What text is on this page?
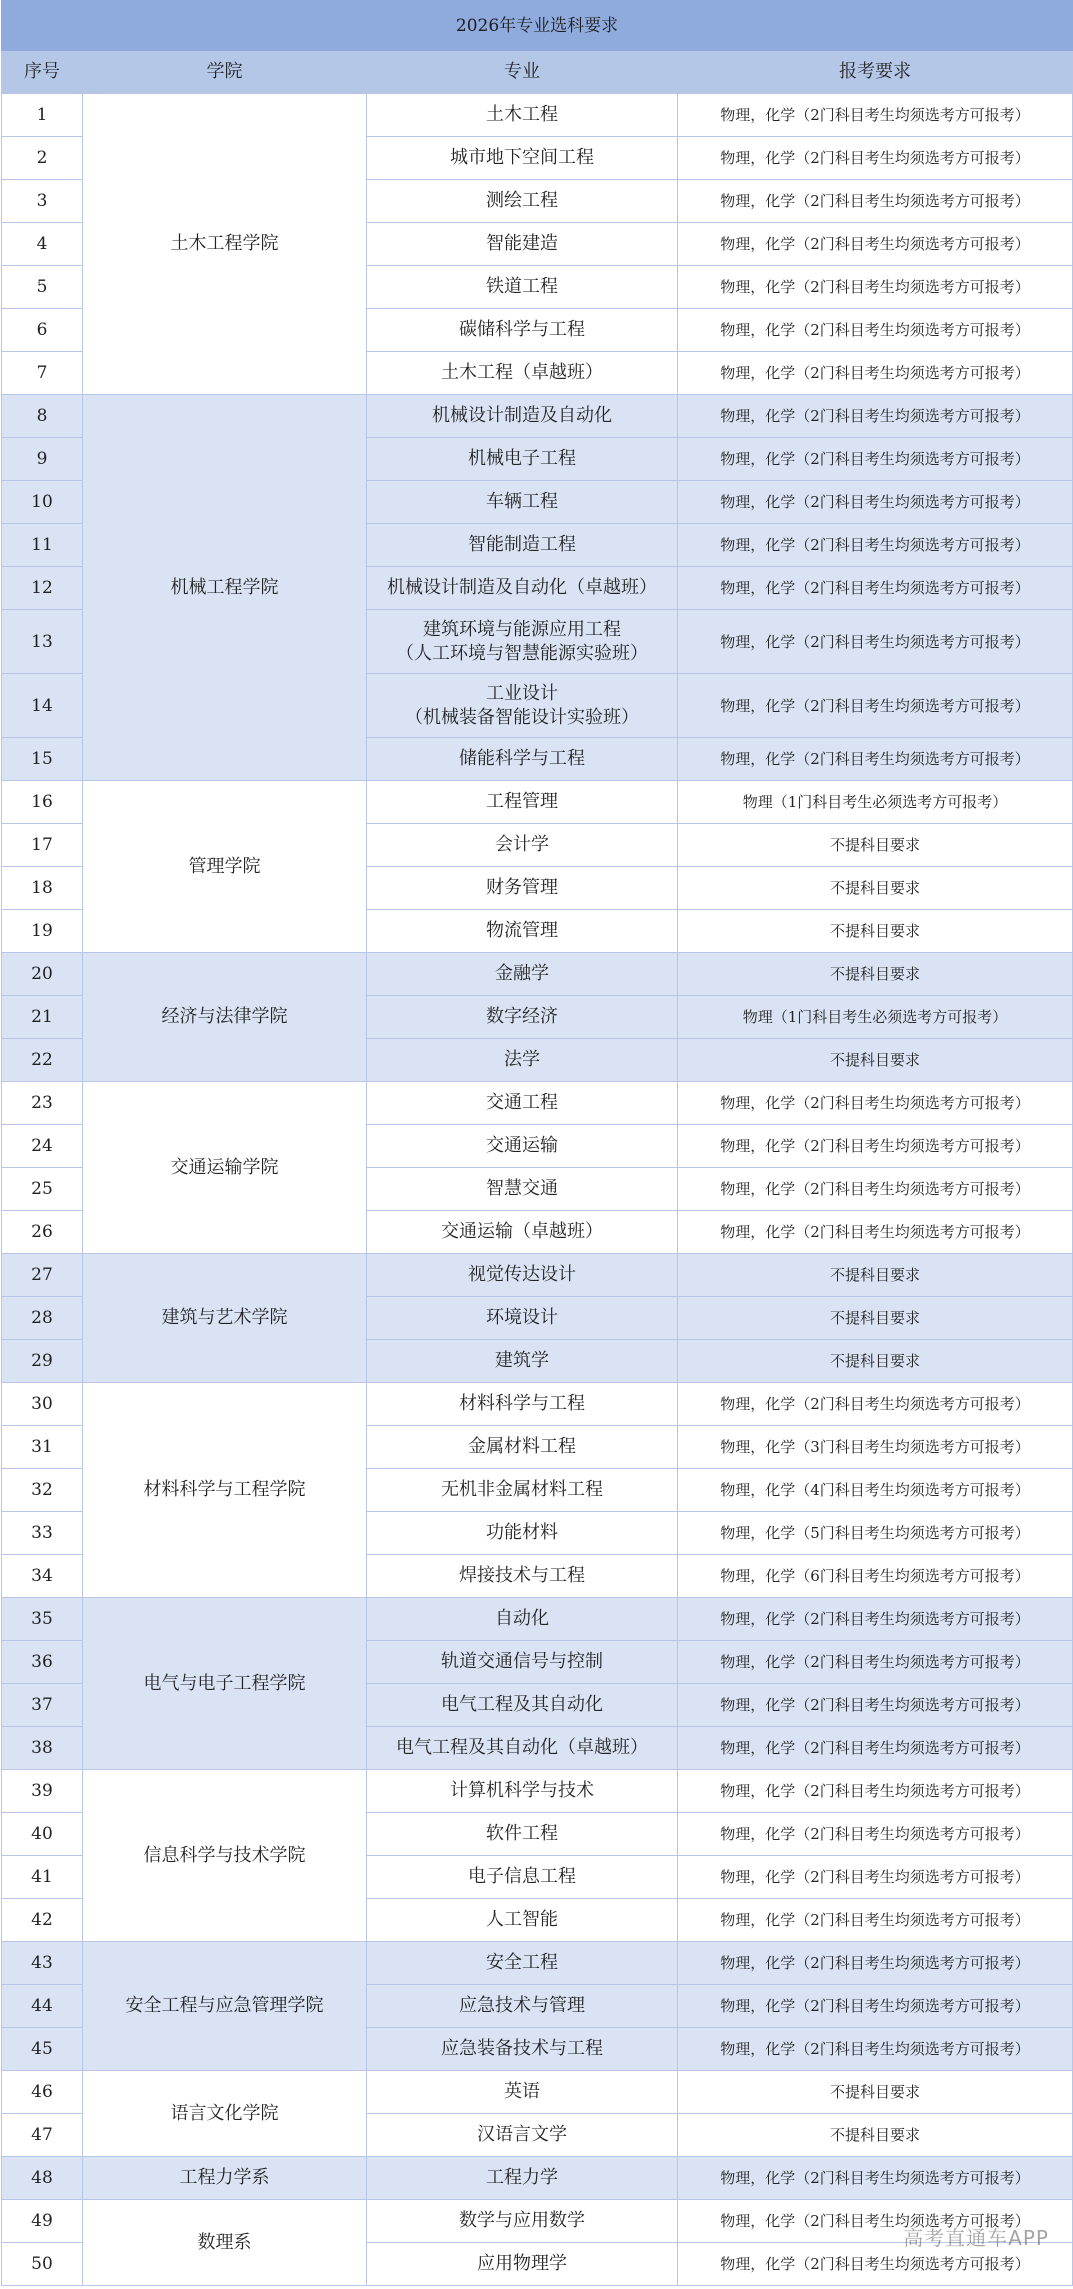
2026年专业选科要求			
序号	学院	专业	报考要求
1	土木工程学院	土木工程	物理，化学（2门科目考生均须选考方可报考）
2		城市地下空间工程	物理，化学（2门科目考生均须选考方可报考）
3		测绘工程	物理，化学（2门科目考生均须选考方可报考）
4		智能建造	物理，化学（2门科目考生均须选考方可报考）
5		铁道工程	物理，化学（2门科目考生均须选考方可报考）
6		碳储科学与工程	物理，化学（2门科目考生均须选考方可报考）
7		土木工程（卓越班）	物理，化学（2门科目考生均须选考方可报考）
8	机械工程学院	机械设计制造及自动化	物理，化学（2门科目考生均须选考方可报考）
9		机械电子工程	物理，化学（2门科目考生均须选考方可报考）
10		车辆工程	物理，化学（2门科目考生均须选考方可报考）
11		智能制造工程	物理，化学（2门科目考生均须选考方可报考）
12		机械设计制造及自动化（卓越班）	物理，化学（2门科目考生均须选考方可报考）
13		建筑环境与能源应用工程
（人工环境与智慧能源实验班）	物理，化学（2门科目考生均须选考方可报考）
14		工业设计
（机械装备智能设计实验班）	物理，化学（2门科目考生均须选考方可报考）
15		储能科学与工程	物理，化学（2门科目考生均须选考方可报考）
16	管理学院	工程管理	物理（1门科目考生必须选考方可报考）
17		会计学	不提科目要求
18		财务管理	不提科目要求
19		物流管理	不提科目要求
20	经济与法律学院	金融学	不提科目要求
21		数字经济	物理（1门科目考生必须选考方可报考）
22		法学	不提科目要求
23	交通运输学院	交通工程	物理，化学（2门科目考生均须选考方可报考）
24		交通运输	物理，化学（2门科目考生均须选考方可报考）
25		智慧交通	物理，化学（2门科目考生均须选考方可报考）
26		交通运输（卓越班）	物理，化学（2门科目考生均须选考方可报考）
27	建筑与艺术学院	视觉传达设计	不提科目要求
28		环境设计	不提科目要求
29		建筑学	不提科目要求
30	材料科学与工程学院	材料科学与工程	物理，化学（2门科目考生均须选考方可报考）
31		金属材料工程	物理，化学（3门科目考生均须选考方可报考）
32		无机非金属材料工程	物理，化学（4门科目考生均须选考方可报考）
33		功能材料	物理，化学（5门科目考生均须选考方可报考）
34		焊接技术与工程	物理，化学（6门科目考生均须选考方可报考）
35	电气与电子工程学院	自动化	物理，化学（2门科目考生均须选考方可报考）
36		轨道交通信号与控制	物理，化学（2门科目考生均须选考方可报考）
37		电气工程及其自动化	物理，化学（2门科目考生均须选考方可报考）
38		电气工程及其自动化（卓越班）	物理，化学（2门科目考生均须选考方可报考）
39	信息科学与技术学院	计算机科学与技术	物理，化学（2门科目考生均须选考方可报考）
40		软件工程	物理，化学（2门科目考生均须选考方可报考）
41		电子信息工程	物理，化学（2门科目考生均须选考方可报考）
42		人工智能	物理，化学（2门科目考生均须选考方可报考）
43	安全工程与应急管理学院	安全工程	物理，化学（2门科目考生均须选考方可报考）
44		应急技术与管理	物理，化学（2门科目考生均须选考方可报考）
45		应急装备技术与工程	物理，化学（2门科目考生均须选考方可报考）
46	语言文化学院	英语	不提科目要求
47		汉语言文学	不提科目要求
48	工程力学系	工程力学	物理，化学（2门科目考生均须选考方可报考）
49	数理系	数学与应用数学	物理，化学（2门科目考生均须选考方可报考）
50		应用物理学	物理，化学（2门科目考生均须选考方可报考）
高考直通车APP
